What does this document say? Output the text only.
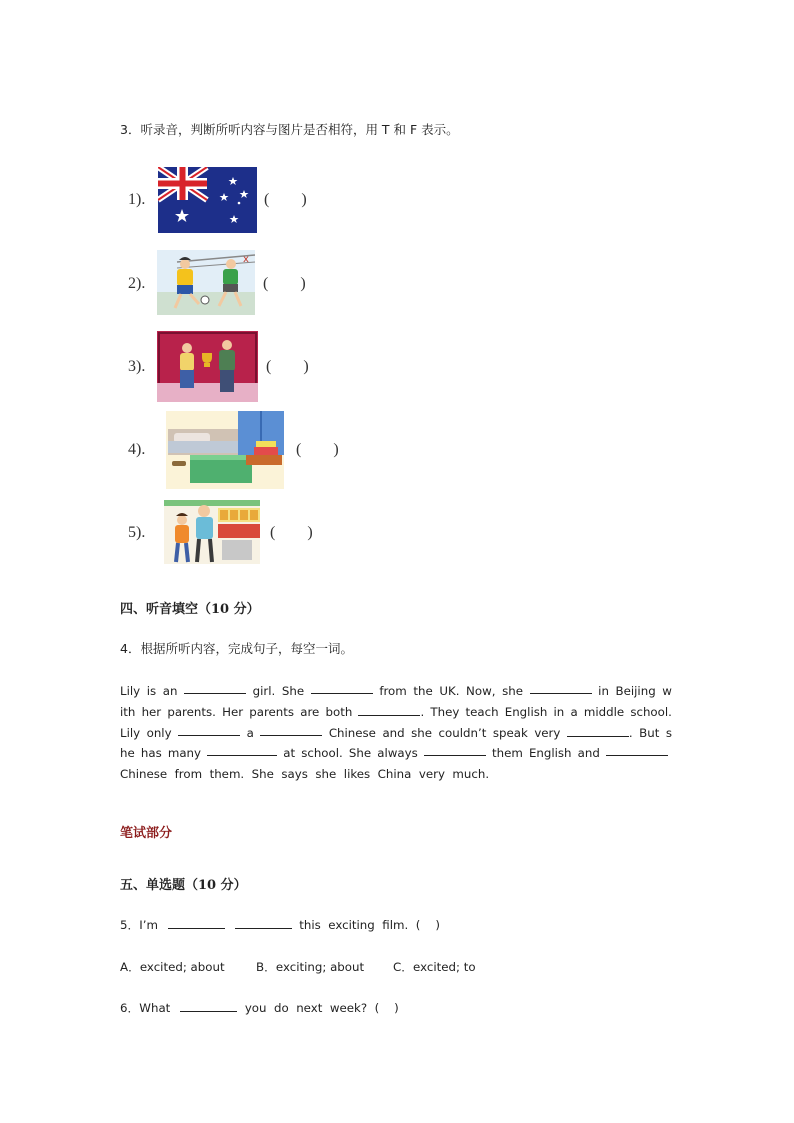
3．听录音，判断所听内容与图片是否相符，用 T 和 F 表示。
1).	(        )
2).
x
(        )
3).	(        )
4).	(        )
5).	(        )
四、听音填空（10 分）
4．根据所听内容，完成句子，每空一词。
Lily is an	girl. She	from the UK. Now, she	in Beijing w
ith her parents. Her parents are both	. They teach English in a middle school.
Lily only	a	Chinese and she couldn’t speak very	. But s
he has many	at school. She always	them English and
Chinese  from  them.  She  says  she  likes  China  very  much.
笔试部分
五、单选题（10 分）
5．I’m	this  exciting  film.  (    )
A．excited; about	B．exciting; about C．excited; to
6．What	you  do  next  week?  (    )
